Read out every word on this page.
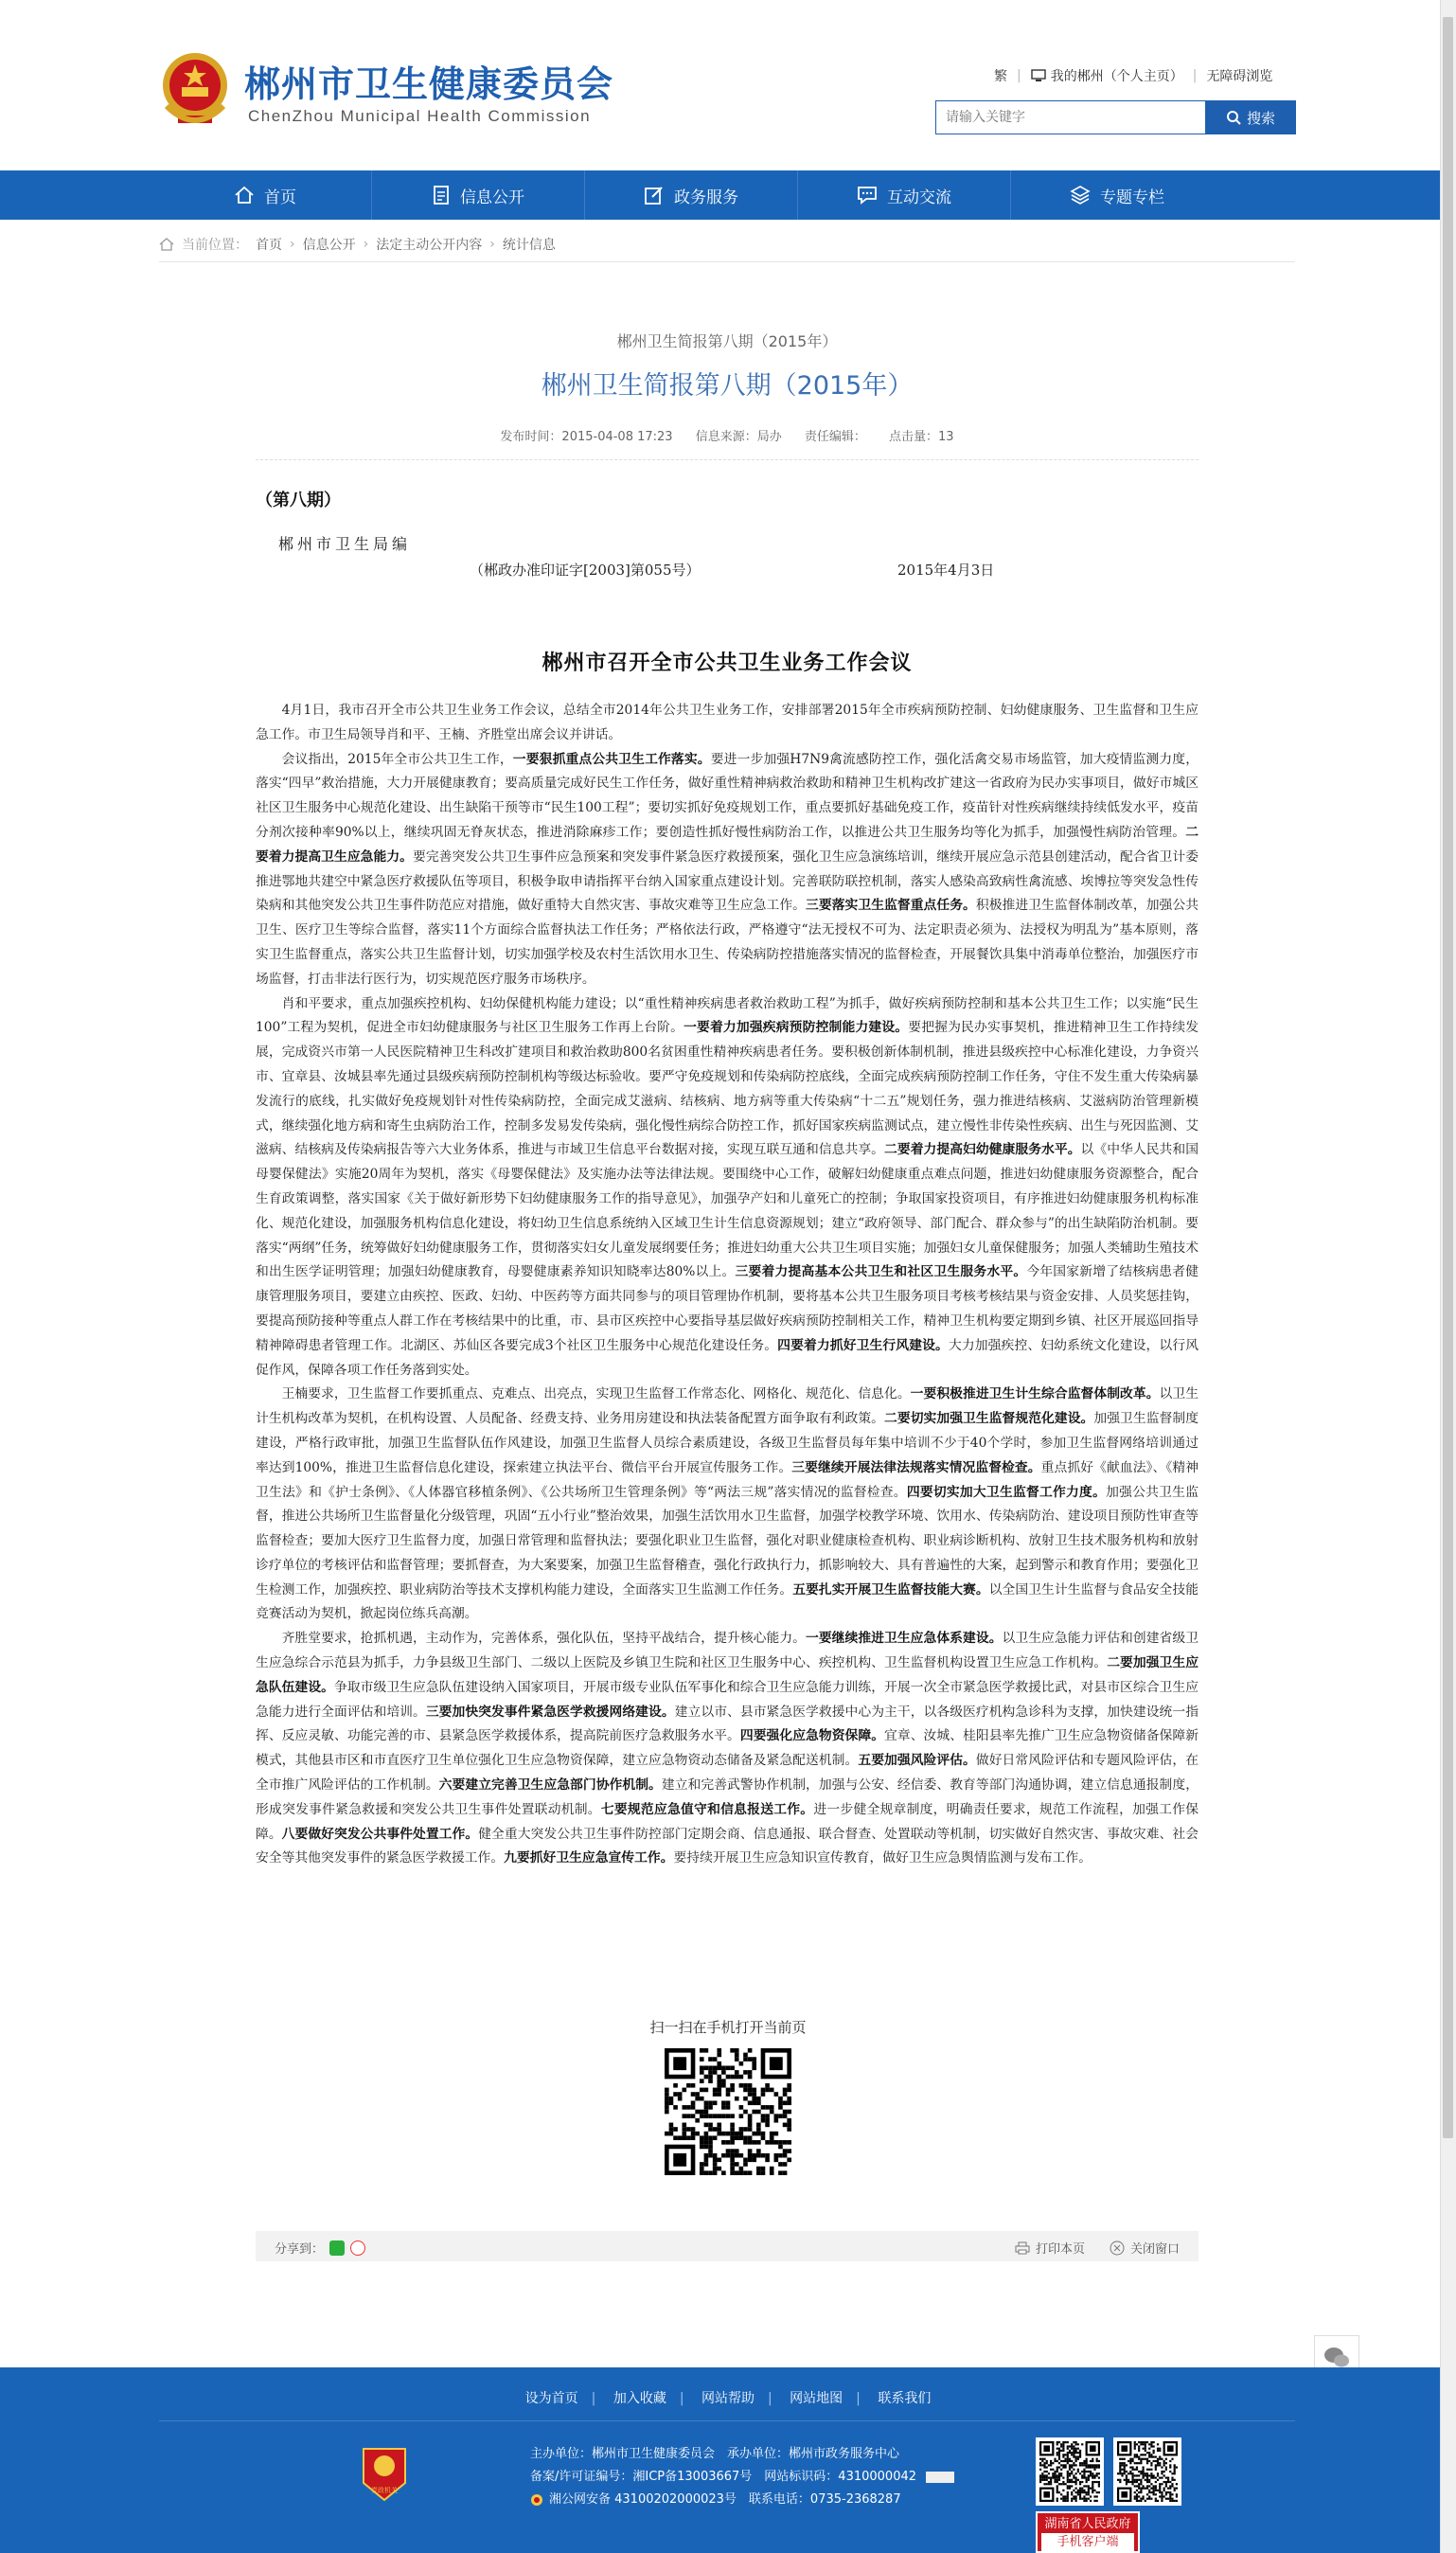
郴州市卫生健康委员会
ChenZhou Municipal Health Commission
繁 | 我的郴州（个人主页） | 无障碍浏览
请输入关键字
搜索
首页	信息公开	政务服务	互动交流	专题专栏
当前位置： 首页 › 信息公开 › 法定主动公开内容 › 统计信息
郴州卫生简报第八期（2015年）
郴州卫生简报第八期（2015年）
发布时间：2015-04-08 17:23 信息来源：局办 责任编辑： 点击量：13
（第八期）
郴州市卫生局编
（郴政办准印证字[2003]第055号）	2015年4月3日
郴州市召开全市公共卫生业务工作会议

4月1日，我市召开全市公共卫生业务工作会议，总结全市2014年公共卫生业务工作，安排部署2015年全市疾病预防控制、妇幼健康服务、卫生监督和卫生应急工作。市卫生局领导肖和平、王楠、齐胜堂出席会议并讲话。

会议指出，2015年全市公共卫生工作，一要狠抓重点公共卫生工作落实。要进一步加强H7N9禽流感防控工作，强化活禽交易市场监管，加大疫情监测力度，落实“四早”救治措施，大力开展健康教育；要高质量完成好民生工作任务，做好重性精神病救治救助和精神卫生机构改扩建这一省政府为民办实事项目，做好市城区社区卫生服务中心规范化建设、出生缺陷干预等市“民生100工程”；要切实抓好免疫规划工作，重点要抓好基础免疫工作，疫苗针对性疾病继续持续低发水平，疫苗分剂次接种率90%以上，继续巩固无脊灰状态，推进消除麻疹工作；要创造性抓好慢性病防治工作，以推进公共卫生服务均等化为抓手，加强慢性病防治管理。二要着力提高卫生应急能力。要完善突发公共卫生事件应急预案和突发事件紧急医疗救援预案，强化卫生应急演练培训，继续开展应急示范县创建活动，配合省卫计委推进鄂地共建空中紧急医疗救援队伍等项目，积极争取申请指挥平台纳入国家重点建设计划。完善联防联控机制，落实人感染高致病性禽流感、埃博拉等突发急性传染病和其他突发公共卫生事件防范应对措施，做好重特大自然灾害、事故灾难等卫生应急工作。三要落实卫生监督重点任务。积极推进卫生监督体制改革，加强公共卫生、医疗卫生等综合监督，落实11个方面综合监督执法工作任务；严格依法行政，严格遵守“法无授权不可为、法定职责必须为、法授权为明乱为”基本原则，落实卫生监督重点，落实公共卫生监督计划，切实加强学校及农村生活饮用水卫生、传染病防控措施落实情况的监督检查，开展餐饮具集中消毒单位整治，加强医疗市场监督，打击非法行医行为，切实规范医疗服务市场秩序。

肖和平要求，重点加强疾控机构、妇幼保健机构能力建设；以“重性精神疾病患者救治救助工程”为抓手，做好疾病预防控制和基本公共卫生工作；以实施“民生100”工程为契机，促进全市妇幼健康服务与社区卫生服务工作再上台阶。一要着力加强疾病预防控制能力建设。要把握为民办实事契机，推进精神卫生工作持续发展，完成资兴市第一人民医院精神卫生科改扩建项目和救治救助800名贫困重性精神疾病患者任务。要积极创新体制机制，推进县级疾控中心标准化建设，力争资兴市、宜章县、汝城县率先通过县级疾病预防控制机构等级达标验收。要严守免疫规划和传染病防控底线，全面完成疾病预防控制工作任务，守住不发生重大传染病暴发流行的底线，扎实做好免疫规划针对性传染病防控，全面完成艾滋病、结核病、地方病等重大传染病“十二五”规划任务，强力推进结核病、艾滋病防治管理新模式，继续强化地方病和寄生虫病防治工作，控制多发易发传染病，强化慢性病综合防控工作，抓好国家疾病监测试点，建立慢性非传染性疾病、出生与死因监测、艾滋病、结核病及传染病报告等六大业务体系，推进与市域卫生信息平台数据对接，实现互联互通和信息共享。二要着力提高妇幼健康服务水平。以《中华人民共和国母婴保健法》实施20周年为契机，落实《母婴保健法》及实施办法等法律法规。要围绕中心工作，破解妇幼健康重点难点问题，推进妇幼健康服务资源整合，配合生育政策调整，落实国家《关于做好新形势下妇幼健康服务工作的指导意见》，加强孕产妇和儿童死亡的控制；争取国家投资项目，有序推进妇幼健康服务机构标准化、规范化建设，加强服务机构信息化建设，将妇幼卫生信息系统纳入区域卫生计生信息资源规划；建立“政府领导、部门配合、群众参与”的出生缺陷防治机制。要落实“两纲”任务，统筹做好妇幼健康服务工作，贯彻落实妇女儿童发展纲要任务；推进妇幼重大公共卫生项目实施；加强妇女儿童保健服务；加强人类辅助生殖技术和出生医学证明管理；加强妇幼健康教育，母婴健康素养知识知晓率达80%以上。三要着力提高基本公共卫生和社区卫生服务水平。今年国家新增了结核病患者健康管理服务项目，要建立由疾控、医政、妇幼、中医药等方面共同参与的项目管理协作机制，要将基本公共卫生服务项目考核考核结果与资金安排、人员奖惩挂钩，要提高预防接种等重点人群工作在考核结果中的比重，市、县市区疾控中心要指导基层做好疾病预防控制相关工作，精神卫生机构要定期到乡镇、社区开展巡回指导精神障碍患者管理工作。北湖区、苏仙区各要完成3个社区卫生服务中心规范化建设任务。四要着力抓好卫生行风建设。大力加强疾控、妇幼系统文化建设，以行风促作风，保障各项工作任务落到实处。

王楠要求，卫生监督工作要抓重点、克难点、出亮点，实现卫生监督工作常态化、网格化、规范化、信息化。一要积极推进卫生计生综合监督体制改革。以卫生计生机构改革为契机，在机构设置、人员配备、经费支持、业务用房建设和执法装备配置方面争取有利政策。二要切实加强卫生监督规范化建设。加强卫生监督制度建设，严格行政审批，加强卫生监督队伍作风建设，加强卫生监督人员综合素质建设，各级卫生监督员每年集中培训不少于40个学时，参加卫生监督网络培训通过率达到100%，推进卫生监督信息化建设，探索建立执法平台、微信平台开展宣传服务工作。三要继续开展法律法规落实情况监督检查。重点抓好《献血法》、《精神卫生法》和《护士条例》、《人体器官移植条例》、《公共场所卫生管理条例》等“两法三规”落实情况的监督检查。四要切实加大卫生监督工作力度。加强公共卫生监督，推进公共场所卫生监督量化分级管理，巩固“五小行业”整治效果，加强生活饮用水卫生监督，加强学校教学环境、饮用水、传染病防治、建设项目预防性审查等监督检查；要加大医疗卫生监督力度，加强日常管理和监督执法；要强化职业卫生监督，强化对职业健康检查机构、职业病诊断机构、放射卫生技术服务机构和放射诊疗单位的考核评估和监督管理；要抓督查，为大案要案，加强卫生监督稽查，强化行政执行力，抓影响较大、具有普遍性的大案，起到警示和教育作用；要强化卫生检测工作，加强疾控、职业病防治等技术支撑机构能力建设，全面落实卫生监测工作任务。五要扎实开展卫生监督技能大赛。以全国卫生计生监督与食品安全技能竞赛活动为契机，掀起岗位练兵高潮。

齐胜堂要求，抢抓机遇，主动作为，完善体系，强化队伍，坚持平战结合，提升核心能力。一要继续推进卫生应急体系建设。以卫生应急能力评估和创建省级卫生应急综合示范县为抓手，力争县级卫生部门、二级以上医院及乡镇卫生院和社区卫生服务中心、疾控机构、卫生监督机构设置卫生应急工作机构。二要加强卫生应急队伍建设。争取市级卫生应急队伍建设纳入国家项目，开展市级专业队伍军事化和综合卫生应急能力训练，开展一次全市紧急医学救援比武，对县市区综合卫生应急能力进行全面评估和培训。三要加快突发事件紧急医学救援网络建设。建立以市、县市紧急医学救援中心为主干，以各级医疗机构急诊科为支撑，加快建设统一指挥、反应灵敏、功能完善的市、县紧急医学救援体系，提高院前医疗急救服务水平。四要强化应急物资保障。宜章、汝城、桂阳县率先推广卫生应急物资储备保障新模式，其他县市区和市直医疗卫生单位强化卫生应急物资保障，建立应急物资动态储备及紧急配送机制。五要加强风险评估。做好日常风险评估和专题风险评估，在全市推广风险评估的工作机制。六要建立完善卫生应急部门协作机制。建立和完善武警协作机制，加强与公安、经信委、教育等部门沟通协调，建立信息通报制度，形成突发事件紧急救援和突发公共卫生事件处置联动机制。七要规范应急值守和信息报送工作。进一步健全规章制度，明确责任要求，规范工作流程，加强工作保障。八要做好突发公共事件处置工作。健全重大突发公共卫生事件防控部门定期会商、信息通报、联合督查、处置联动等机制，切实做好自然灾害、事故灾难、社会安全等其他突发事件的紧急医学救援工作。九要抓好卫生应急宣传工作。要持续开展卫生应急知识宣传教育，做好卫生应急舆情监测与发布工作。

扫一扫在手机打开当前页
分享到：	打印本页	关闭窗口
设为首页 | 加入收藏 | 网站帮助 | 网站地图 | 联系我们
党政机关
主办单位：郴州市卫生健康委员会　承办单位：郴州市政务服务中心
备案/许可证编号：湘ICP备13003667号　网站标识码：4310000042
湘公网安备 43100202000023号　联系电话：0735-2368287
湖南省人民政府
手机客户端
